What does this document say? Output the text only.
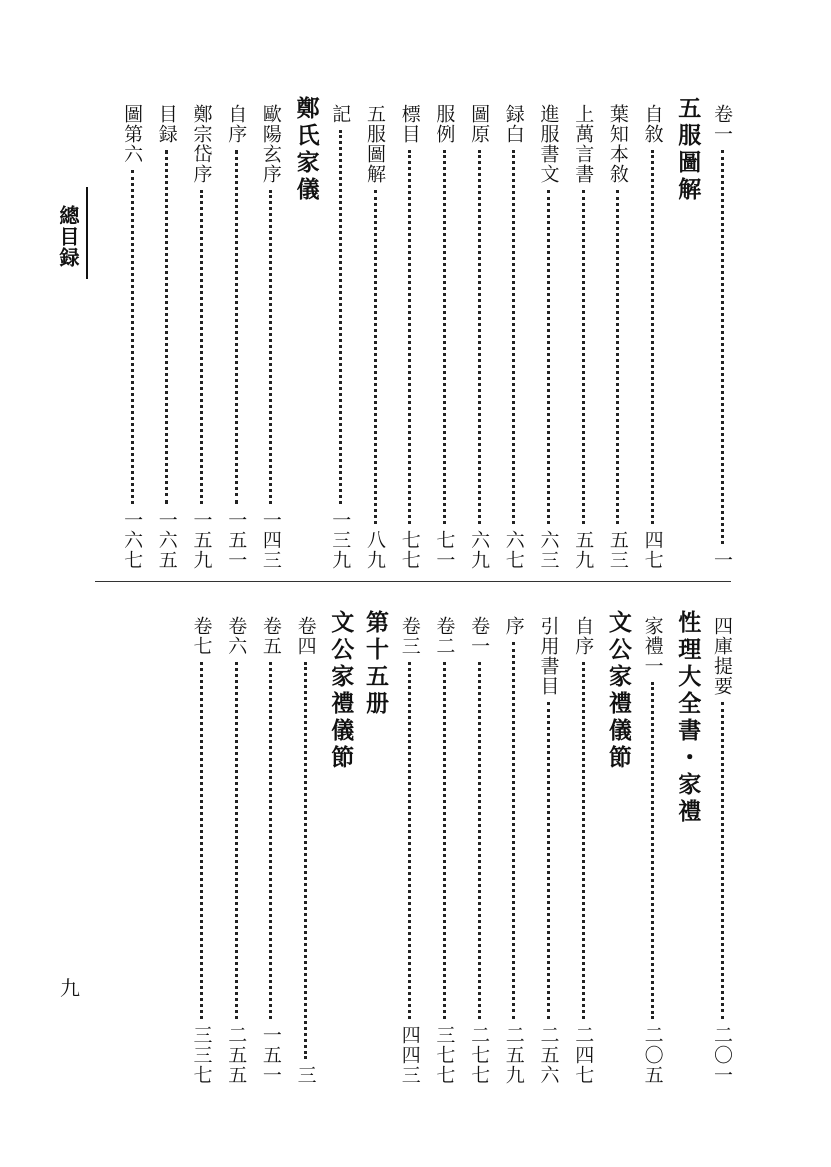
總目録
九
卷一
一
五服圖解
自敘
四七
葉知本敘
五三
上萬言書
五九
進服書文
六三
録白
六七
圖原
六九
服例
七一
標目
七七
五服圖解
八九
記
一三九
鄭氏家儀
歐陽玄序
一四三
自序
一五一
鄭宗岱序
一五九
目録
一六五
圖第六
一六七
四庫提要
二〇一
性理大全書・家禮
家禮一
二〇五
文公家禮儀節
自序
二四七
引用書目
二五六
序
二五九
卷一
二七七
卷二
三七七
卷三
四四三
第十五册
文公家禮儀節
卷四
三
卷五
一五一
卷六
二五五
卷七
三三七
